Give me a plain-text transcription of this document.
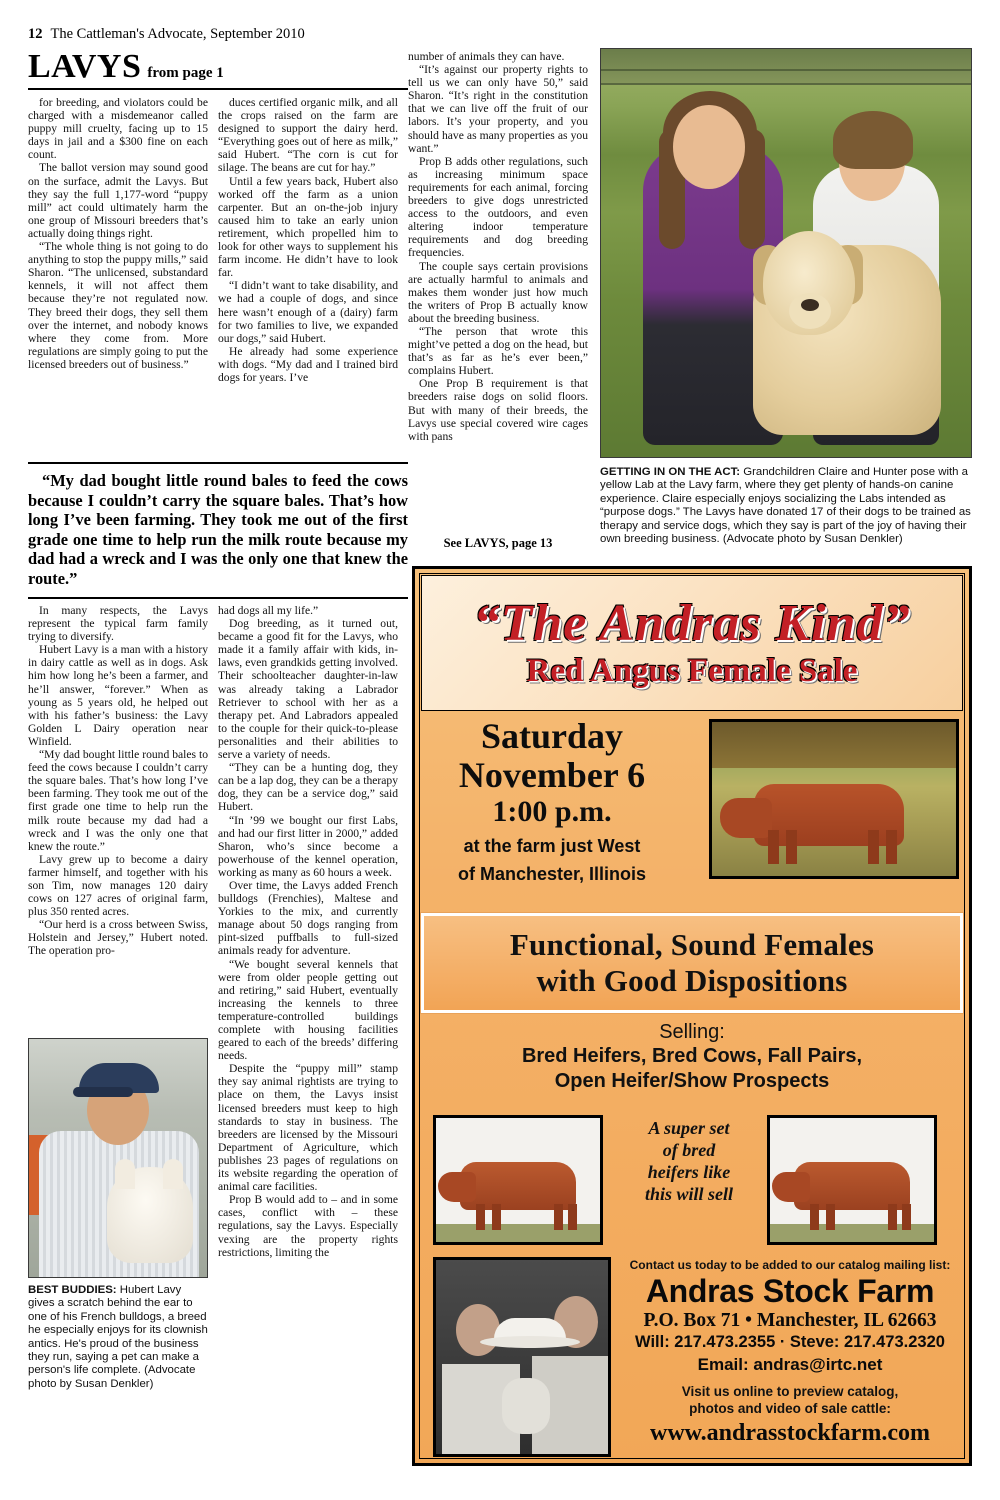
12 The Cattleman's Advocate, September 2010
LAVYS from page 1

for breeding, and violators could be charged with a misdemeanor called puppy mill cruelty, facing up to 15 days in jail and a $300 fine on each count.

The ballot version may sound good on the surface, admit the Lavys. But they say the full 1,177-word “puppy mill” act could ultimately harm the one group of Missouri breeders that’s actually doing things right.

“The whole thing is not going to do anything to stop the puppy mills,” said Sharon. “The unlicensed, substandard kennels, it will not affect them because they’re not regulated now. They breed their dogs, they sell them over the internet, and nobody knows where they come from. More regulations are simply going to put the licensed breeders out of business.”

duces certified organic milk, and all the crops raised on the farm are designed to support the dairy herd. “Everything goes out of here as milk,” said Hubert. “The corn is cut for silage. The beans are cut for hay.”

Until a few years back, Hubert also worked off the farm as a union carpenter. But an on-the-job injury caused him to take an early union retirement, which propelled him to look for other ways to supplement his farm income. He didn’t have to look far.

“I didn’t want to take disability, and we had a couple of dogs, and since here wasn’t enough of a (dairy) farm for two families to live, we expanded our dogs,” said Hubert.

He already had some experience with dogs. “My dad and I trained bird dogs for years. I’ve

number of animals they can have.

“It’s against our property rights to tell us we can only have 50,” said Sharon. “It’s right in the constitution that we can live off the fruit of our labors. It’s your property, and you should have as many properties as you want.”

Prop B adds other regulations, such as increasing minimum space requirements for each animal, forcing breeders to give dogs unrestricted access to the outdoors, and even altering indoor temperature requirements and dog breeding frequencies.

The couple says certain provisions are actually harmful to animals and makes them wonder just how much the writers of Prop B actually know about the breeding business.

“The person that wrote this might’ve petted a dog on the head, but that’s as far as he’s ever been,” complains Hubert.

One Prop B requirement is that breeders raise dogs on solid floors. But with many of their breeds, the Lavys use special covered wire cages with pans

See LAVYS, page 13
GETTING IN ON THE ACT: Grandchildren Claire and Hunter pose with a yellow Lab at the Lavy farm, where they get plenty of hands-on canine experience. Claire especially enjoys socializing the Labs intended as “purpose dogs.” The Lavys have donated 17 of their dogs to be trained as therapy and service dogs, which they say is part of the joy of having their own breeding business. (Advocate photo by Susan Denkler)
“My dad bought little round bales to feed the cows because I couldn’t carry the square bales. That’s how long I’ve been farming. They took me out of the first grade one time to help run the milk route because my dad had a wreck and I was the only one that knew the route.”

In many respects, the Lavys represent the typical farm family trying to diversify.

Hubert Lavy is a man with a history in dairy cattle as well as in dogs. Ask him how long he’s been a farmer, and he’ll answer, “forever.” When as young as 5 years old, he helped out with his father’s business: the Lavy Golden L Dairy operation near Winfield.

“My dad bought little round bales to feed the cows because I couldn’t carry the square bales. That’s how long I’ve been farming. They took me out of the first grade one time to help run the milk route because my dad had a wreck and I was the only one that knew the route.”

Lavy grew up to become a dairy farmer himself, and together with his son Tim, now manages 120 dairy cows on 127 acres of original farm, plus 350 rented acres.

“Our herd is a cross between Swiss, Holstein and Jersey,” Hubert noted. The operation pro-

had dogs all my life.”

Dog breeding, as it turned out, became a good fit for the Lavys, who made it a family affair with kids, in-laws, even grandkids getting involved. Their schoolteacher daughter-in-law was already taking a Labrador Retriever to school with her as a therapy pet. And Labradors appealed to the couple for their quick-to-please personalities and their abilities to serve a variety of needs.

“They can be a hunting dog, they can be a lap dog, they can be a therapy dog, they can be a service dog,” said Hubert.

“In ’99 we bought our first Labs, and had our first litter in 2000,” added Sharon, who’s since become a powerhouse of the kennel operation, working as many as 60 hours a week.

Over time, the Lavys added French bulldogs (Frenchies), Maltese and Yorkies to the mix, and currently manage about 50 dogs ranging from pint-sized puffballs to full-sized animals ready for adventure.

“We bought several kennels that were from older people getting out and retiring,” said Hubert, eventually increasing the kennels to three temperature-controlled buildings complete with housing facilities geared to each of the breeds’ differing needs.

Despite the “puppy mill” stamp they say animal rightists are trying to place on them, the Lavys insist licensed breeders must keep to high standards to stay in business. The breeders are licensed by the Missouri Department of Agriculture, which publishes 23 pages of regulations on its website regarding the operation of animal care facilities.

Prop B would add to – and in some cases, conflict with – these regulations, say the Lavys. Especially vexing are the property rights restrictions, limiting the

BEST BUDDIES: Hubert Lavy gives a scratch behind the ear to one of his French bulldogs, a breed he especially enjoys for its clownish antics. He's proud of the business they run, saying a pet can make a person's life complete. (Advocate photo by Susan Denkler)
“The Andras Kind”
Red Angus Female Sale
Saturday
November 6
1:00 p.m.
at the farm just West
of Manchester, Illinois
Functional, Sound Females
with Good Dispositions
Selling:
Bred Heifers, Bred Cows, Fall Pairs,
Open Heifer/Show Prospects
A super set
of bred
heifers like
this will sell
Contact us today to be added to our catalog mailing list:
Andras Stock Farm
P.O. Box 71 • Manchester, IL 62663
Will: 217.473.2355 · Steve: 217.473.2320
Email: andras@irtc.net
Visit us online to preview catalog,
photos and video of sale cattle:
www.andrasstockfarm.com
